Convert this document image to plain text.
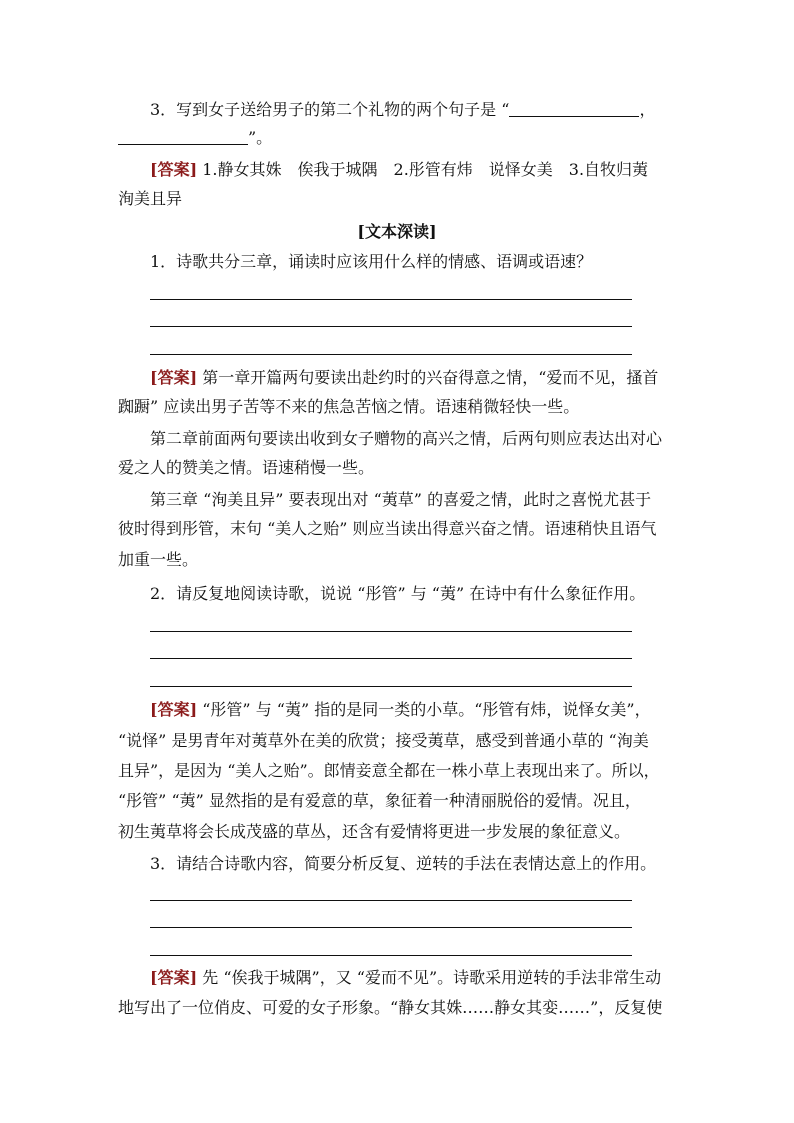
3．写到女子送给男子的第二个礼物的两个句子是 “	，
”。
[答案] 1.静女其姝　俟我于城隅　2.彤管有炜　说怿女美　3.自牧归荑
洵美且异
[文本深读]
1．诗歌共分三章，诵读时应该用什么样的情感、语调或语速？
[答案] 第一章开篇两句要读出赴约时的兴奋得意之情，“爱而不见，搔首
踟蹰” 应读出男子苦等不来的焦急苦恼之情。语速稍微轻快一些。
第二章前面两句要读出收到女子赠物的高兴之情，后两句则应表达出对心
爱之人的赞美之情。语速稍慢一些。
第三章 “洵美且异” 要表现出对 “荑草” 的喜爱之情，此时之喜悦尤甚于
彼时得到彤管，末句 “美人之贻” 则应当读出得意兴奋之情。语速稍快且语气
加重一些。
2．请反复地阅读诗歌，说说 “彤管” 与 “荑” 在诗中有什么象征作用。
[答案] “彤管” 与 “荑” 指的是同一类的小草。“彤管有炜，说怿女美”，
“说怿” 是男青年对荑草外在美的欣赏；接受荑草，感受到普通小草的 “洵美
且异”，是因为 “美人之贻”。郎情妾意全都在一株小草上表现出来了。所以，
“彤管” “荑” 显然指的是有爱意的草，象征着一种清丽脱俗的爱情。况且，
初生荑草将会长成茂盛的草丛，还含有爱情将更进一步发展的象征意义。
3．请结合诗歌内容，简要分析反复、逆转的手法在表情达意上的作用。
[答案] 先 “俟我于城隅”，又 “爱而不见”。诗歌采用逆转的手法非常生动
地写出了一位俏皮、可爱的女子形象。“静女其姝……静女其娈……”，反复使
